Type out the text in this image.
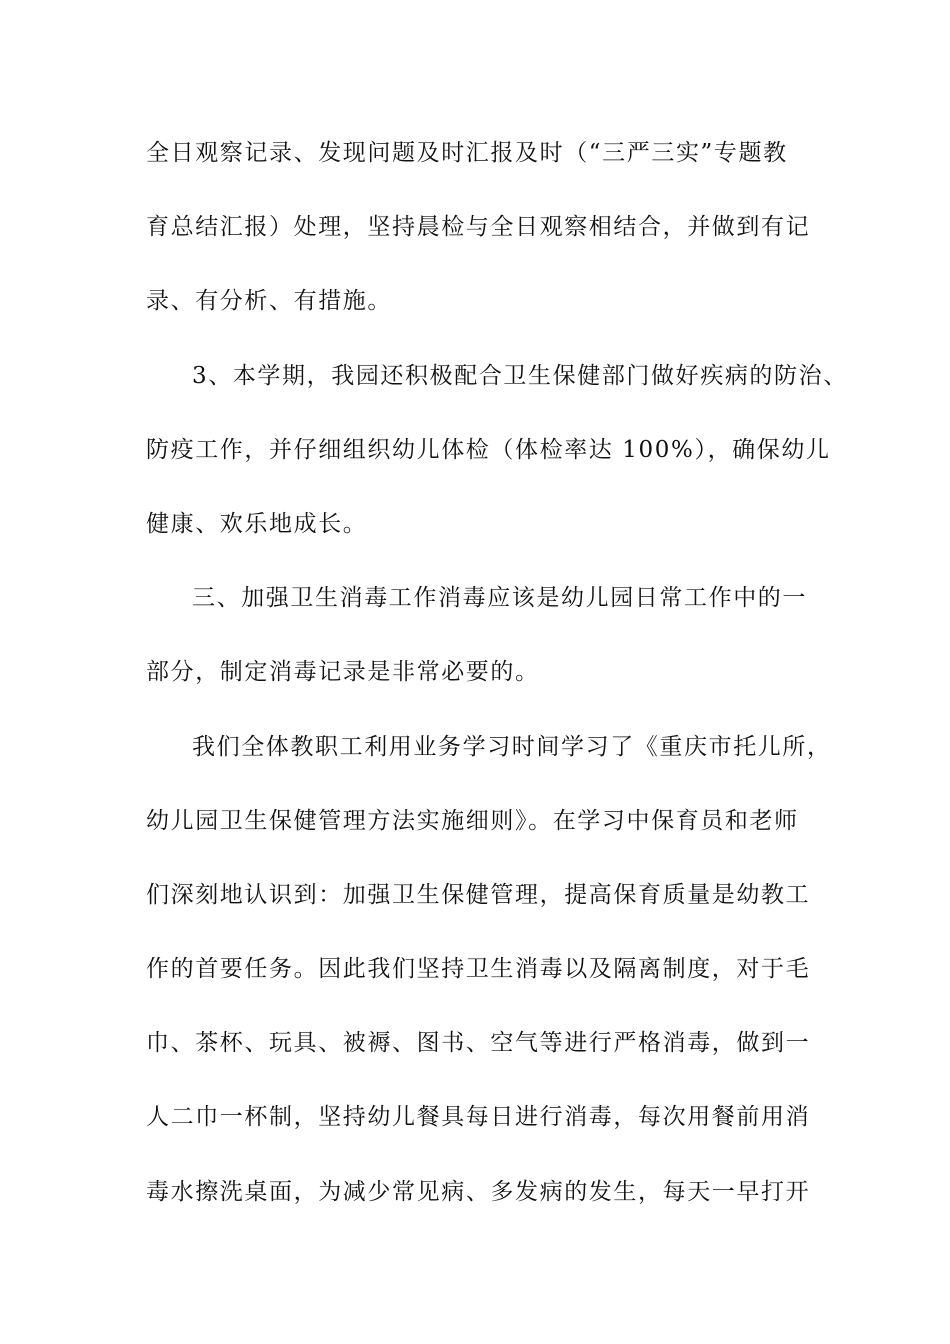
全日观察记录、发现问题及时汇报及时（“三严三实”专题教
育总结汇报）处理，坚持晨检与全日观察相结合，并做到有记
录、有分析、有措施。
3、本学期，我园还积极配合卫生保健部门做好疾病的防治、
防疫工作，并仔细组织幼儿体检（体检率达 100%），确保幼儿
健康、欢乐地成长。
三、加强卫生消毒工作消毒应该是幼儿园日常工作中的一
部分，制定消毒记录是非常必要的。
我们全体教职工利用业务学习时间学习了《重庆市托儿所，
幼儿园卫生保健管理方法实施细则》。在学习中保育员和老师
们深刻地认识到：加强卫生保健管理，提高保育质量是幼教工
作的首要任务。因此我们坚持卫生消毒以及隔离制度，对于毛
巾、茶杯、玩具、被褥、图书、空气等进行严格消毒，做到一
人二巾一杯制，坚持幼儿餐具每日进行消毒，每次用餐前用消
毒水擦洗桌面，为减少常见病、多发病的发生，每天一早打开
